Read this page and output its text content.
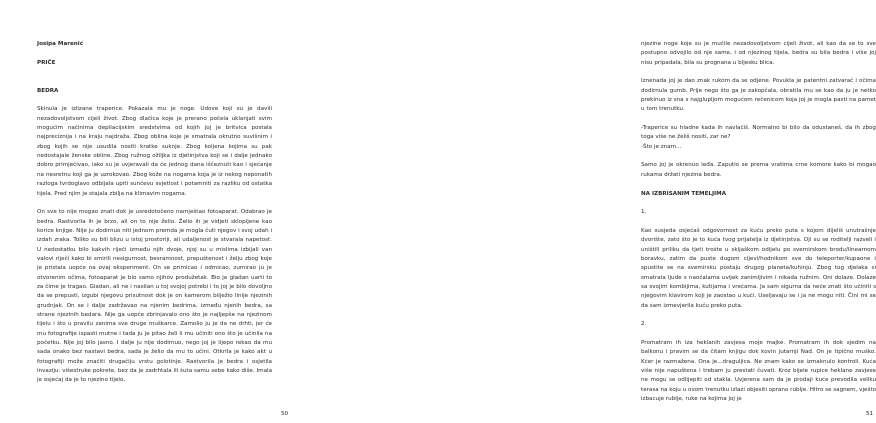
Josipa Marenić

PRIČE

BEDRA

Skinula je izlizane traperice. Pokazala mu je noge. Udove koji su je davili nezadovoljstvom cijeli život. Zbog dlačica koje je prerano počela uklanjati svim mogućim načinima depilacijskim sredstvima od kojih joj je britvica postala najpreciznija i na kraju najdraža. Zbog oblina koje je smatrala okrutno suvišnim i zbog kojih se nije usudila nositi kratke suknje. Zbog koljena kojima su pak nedostajale ženske obline. Zbog ružnog ožiljka iz djetinjstva koji se i dalje jednako dobro primjećivao, iako su je uvjeravali da će jednog dana iščeznuti kao i sjećanje na nesretnu koji ga je uzrokovao. Zbog kože na nogama koja je iz nekog neponatih razloga tvrdoglavo odbijala upiti sunčevu svjetlost i potamniti za razliku od ostatka tijela. Pred njim je stajala zbilja na klimavim nogama.

On sve to nije mogao znati dok je usredotočeno namještao fotoaparat. Odabrao je bedra. Rastvorila ih je brzo, ali on to nije želio. Želio ih je vidjeti sklopljene kao korice knjige. Nije ju dodirnuo niti jednom premda je mogla čuti njegov i svoj udah i izdah zraka. Toliko su bili blizu u istoj prostoriji, ali udaljenost je stvarala napetost. U nedostatku bilo kakvih riječi između njih dvoje, njoj su u mislima izbijali van valovi riječi kako bi smirili nesigurnost, besramnost, prepuštenost i želju zbog koje je pristala uopće na ovaj eksperiment. On se primicao i odmicao, zumirao ju je otvorenim očima, fotoaparat je bio samo njihov produžetak. Bio je gladan uarti to za čime je tragao. Gladan, ali ne i nasilan u toj svojoj potrebi i to joj je bilo dovoljno da se prepusti, izgubi njegovu prisutnost dok je on kamerom bilježio linije njezinih grudnjak. On se i dalje zadržavao na njenim bedrima, između njenih bedra, sa strane njezinih bedara. Nije ga uopće zbrinjavalo ono što je najljepše na njezinom tijelu i što u pravilu zanima sve druge muškarce. Zamolio ju je da ne drhti, jer će mu fotografije ispasti mutne i tada ju je pitao želi li mu učiniti ono što je učinila na početku. Nije joj bilo jasno. I dalje ju nije dodirnuo, nego joj je lijepo rekao da mu sada onako bez nastavi bedra, sada je želio da mu to učini. Otkrila je kako akt u fotografiji može značiti drugačiju vrstu golotinje. Rastvorila je bedra i osjetila invaziju: višestruke pokrete, bez da je zadrhtala ili šuta samu sebe kako diše. Imala je osjećaj da je to njezino tijelo,

50

njezine noge koje su je mučile nezadovoljstvom cijeli život, ali kao da se to sve postupno odvojilo od nje same, i od njezinog tijela, bedra su bila bedra i više joj nisu pripadala, bila su prognana u bljesku blica.

Iznenada joj je dao znak rukom da se odjene. Povukla je patentni zatvarač i očima dodirnula gumb. Prije nego što ga je zakopčala, obratila mu se kao da ju je netko prekinuo iz sna s najglupljom mogućom rečenicom koja joj je mogla pasti na pamet u tom trenutku.

-Traperice su hladne kada ih navlačiš. Normalno bi bilo da odustaneš, da ih zbog toga više ne želiš nositi, zar ne?

-Što je znam...

Samo joj je okrenuo leđa. Zaputio se prema vratima crne komore kako bi mogao rukama držati njezina bedra.

NA IZBRISANIM TEMELJIMA

1.

Kao susjeda osjećaš odgovornost za kuću preko puta s kojom dijeliš unutrašnje dvorište, zato što je to kuća tvog prijatelja iz djetinjstva. Oji su se roditelji razveli i uništili priliku da tjeti trošte u skijaškom odijelu po svemirskom brodu/linearnom boravku, zatim da puste dugom cijevi/hodnikom sve do teleporter/kupaone i spustite se na svemirsku postaju drugog planeta/kuhinju. Zbog tog djelaka si smatrala ljude s naočalama uvijek zanimljivim i nikada ružnim. Oni dolaze. Dolaze sa svojim kombijima, kutijama i vrećama. Ja sam sigurna da neće znati što učiniti s njegovim klavirom koji je zaostao u kući. Useljavaju se i ja ne mogu niti. Čini mi se da sam izmevjerila kuću preko puta.

2.

Promatram ih iza heklanih zavjesa moje majke. Promatram ih dok sjedim na balkonu i pravim se da čitam knjigu dok kovin jutarnji Nad. On je tipično muško. Kćer je razmažena. Ona je...draguljica. Ne znam kako se izmaknulo kontroli. Kuća više nije napuštena i trebam ju prestati čuvati. Kroz bijele rupice heklane zavjese ne mogu se odlijepiti od stakla. Uvjerena sam da je prodaji kuće prevodila veliku terasa na koju u ovom trenutku izlazi objesiti oprano rublje. Hitro se sagnem, vješto izbacuje rublje, ruke na kojima joj je

51
